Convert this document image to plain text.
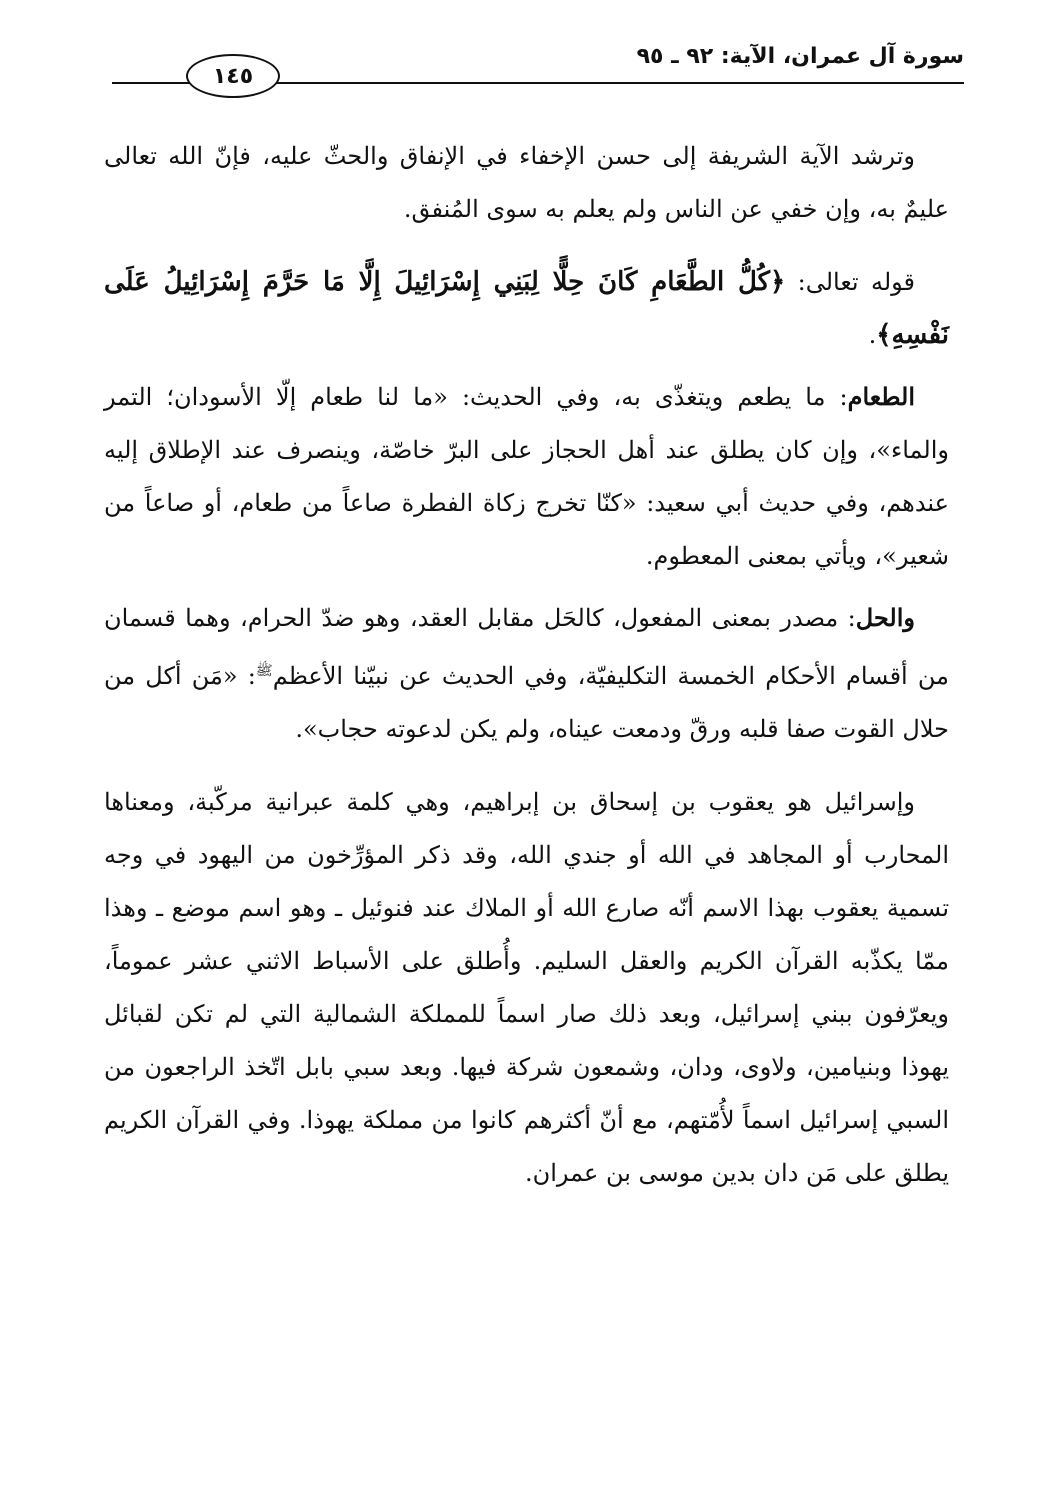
سورة آل عمران، الآية: ٩٢ ـ ٩٥
١٤٥

وترشد الآية الشريفة إلى حسن الإخفاء في الإنفاق والحثّ عليه، فإنّ الله تعالى عليمٌ به، وإن خفي عن الناس ولم يعلم به سوى المُنفق.

قوله تعالى: ﴿كُلُّ الطَّعَامِ كَانَ حِلًّا لِبَنِي إِسْرَائِيلَ إِلَّا مَا حَرَّمَ إِسْرَائِيلُ عَلَى نَفْسِهِ﴾.

الطعام: ما يطعم ويتغذّى به، وفي الحديث: «ما لنا طعام إلّا الأسودان؛ التمر والماء»، وإن كان يطلق عند أهل الحجاز على البرّ خاصّة، وينصرف عند الإطلاق إليه عندهم، وفي حديث أبي سعيد: «كنّا تخرج زكاة الفطرة صاعاً من طعام، أو صاعاً من شعير»، ويأتي بمعنى المعطوم.

والحل: مصدر بمعنى المفعول، كالحَل مقابل العقد، وهو ضدّ الحرام، وهما قسمان من أقسام الأحكام الخمسة التكليفيّة، وفي الحديث عن نبيّنا الأعظم$^ﷺ$: «مَن أكل من حلال القوت صفا قلبه ورقّ ودمعت عيناه، ولم يكن لدعوته حجاب».

وإسرائيل هو يعقوب بن إسحاق بن إبراهيم، وهي كلمة عبرانية مركّبة، ومعناها المحارب أو المجاهد في الله أو جندي الله، وقد ذكر المؤرِّخون من اليهود في وجه تسمية يعقوب بهذا الاسم أنّه صارع الله أو الملاك عند فنوئيل ـ وهو اسم موضع ـ وهذا ممّا يكذّبه القرآن الكريم والعقل السليم. وأُطلق على الأسباط الاثني عشر عموماً، ويعرّفون ببني إسرائيل، وبعد ذلك صار اسماً للمملكة الشمالية التي لم تكن لقبائل يهوذا وبنيامين، ولاوى، ودان، وشمعون شركة فيها. وبعد سبي بابل اتّخذ الراجعون من السبي إسرائيل اسماً لأُمّتهم، مع أنّ أكثرهم كانوا من مملكة يهوذا. وفي القرآن الكريم يطلق على مَن دان بدين موسى بن عمران.
